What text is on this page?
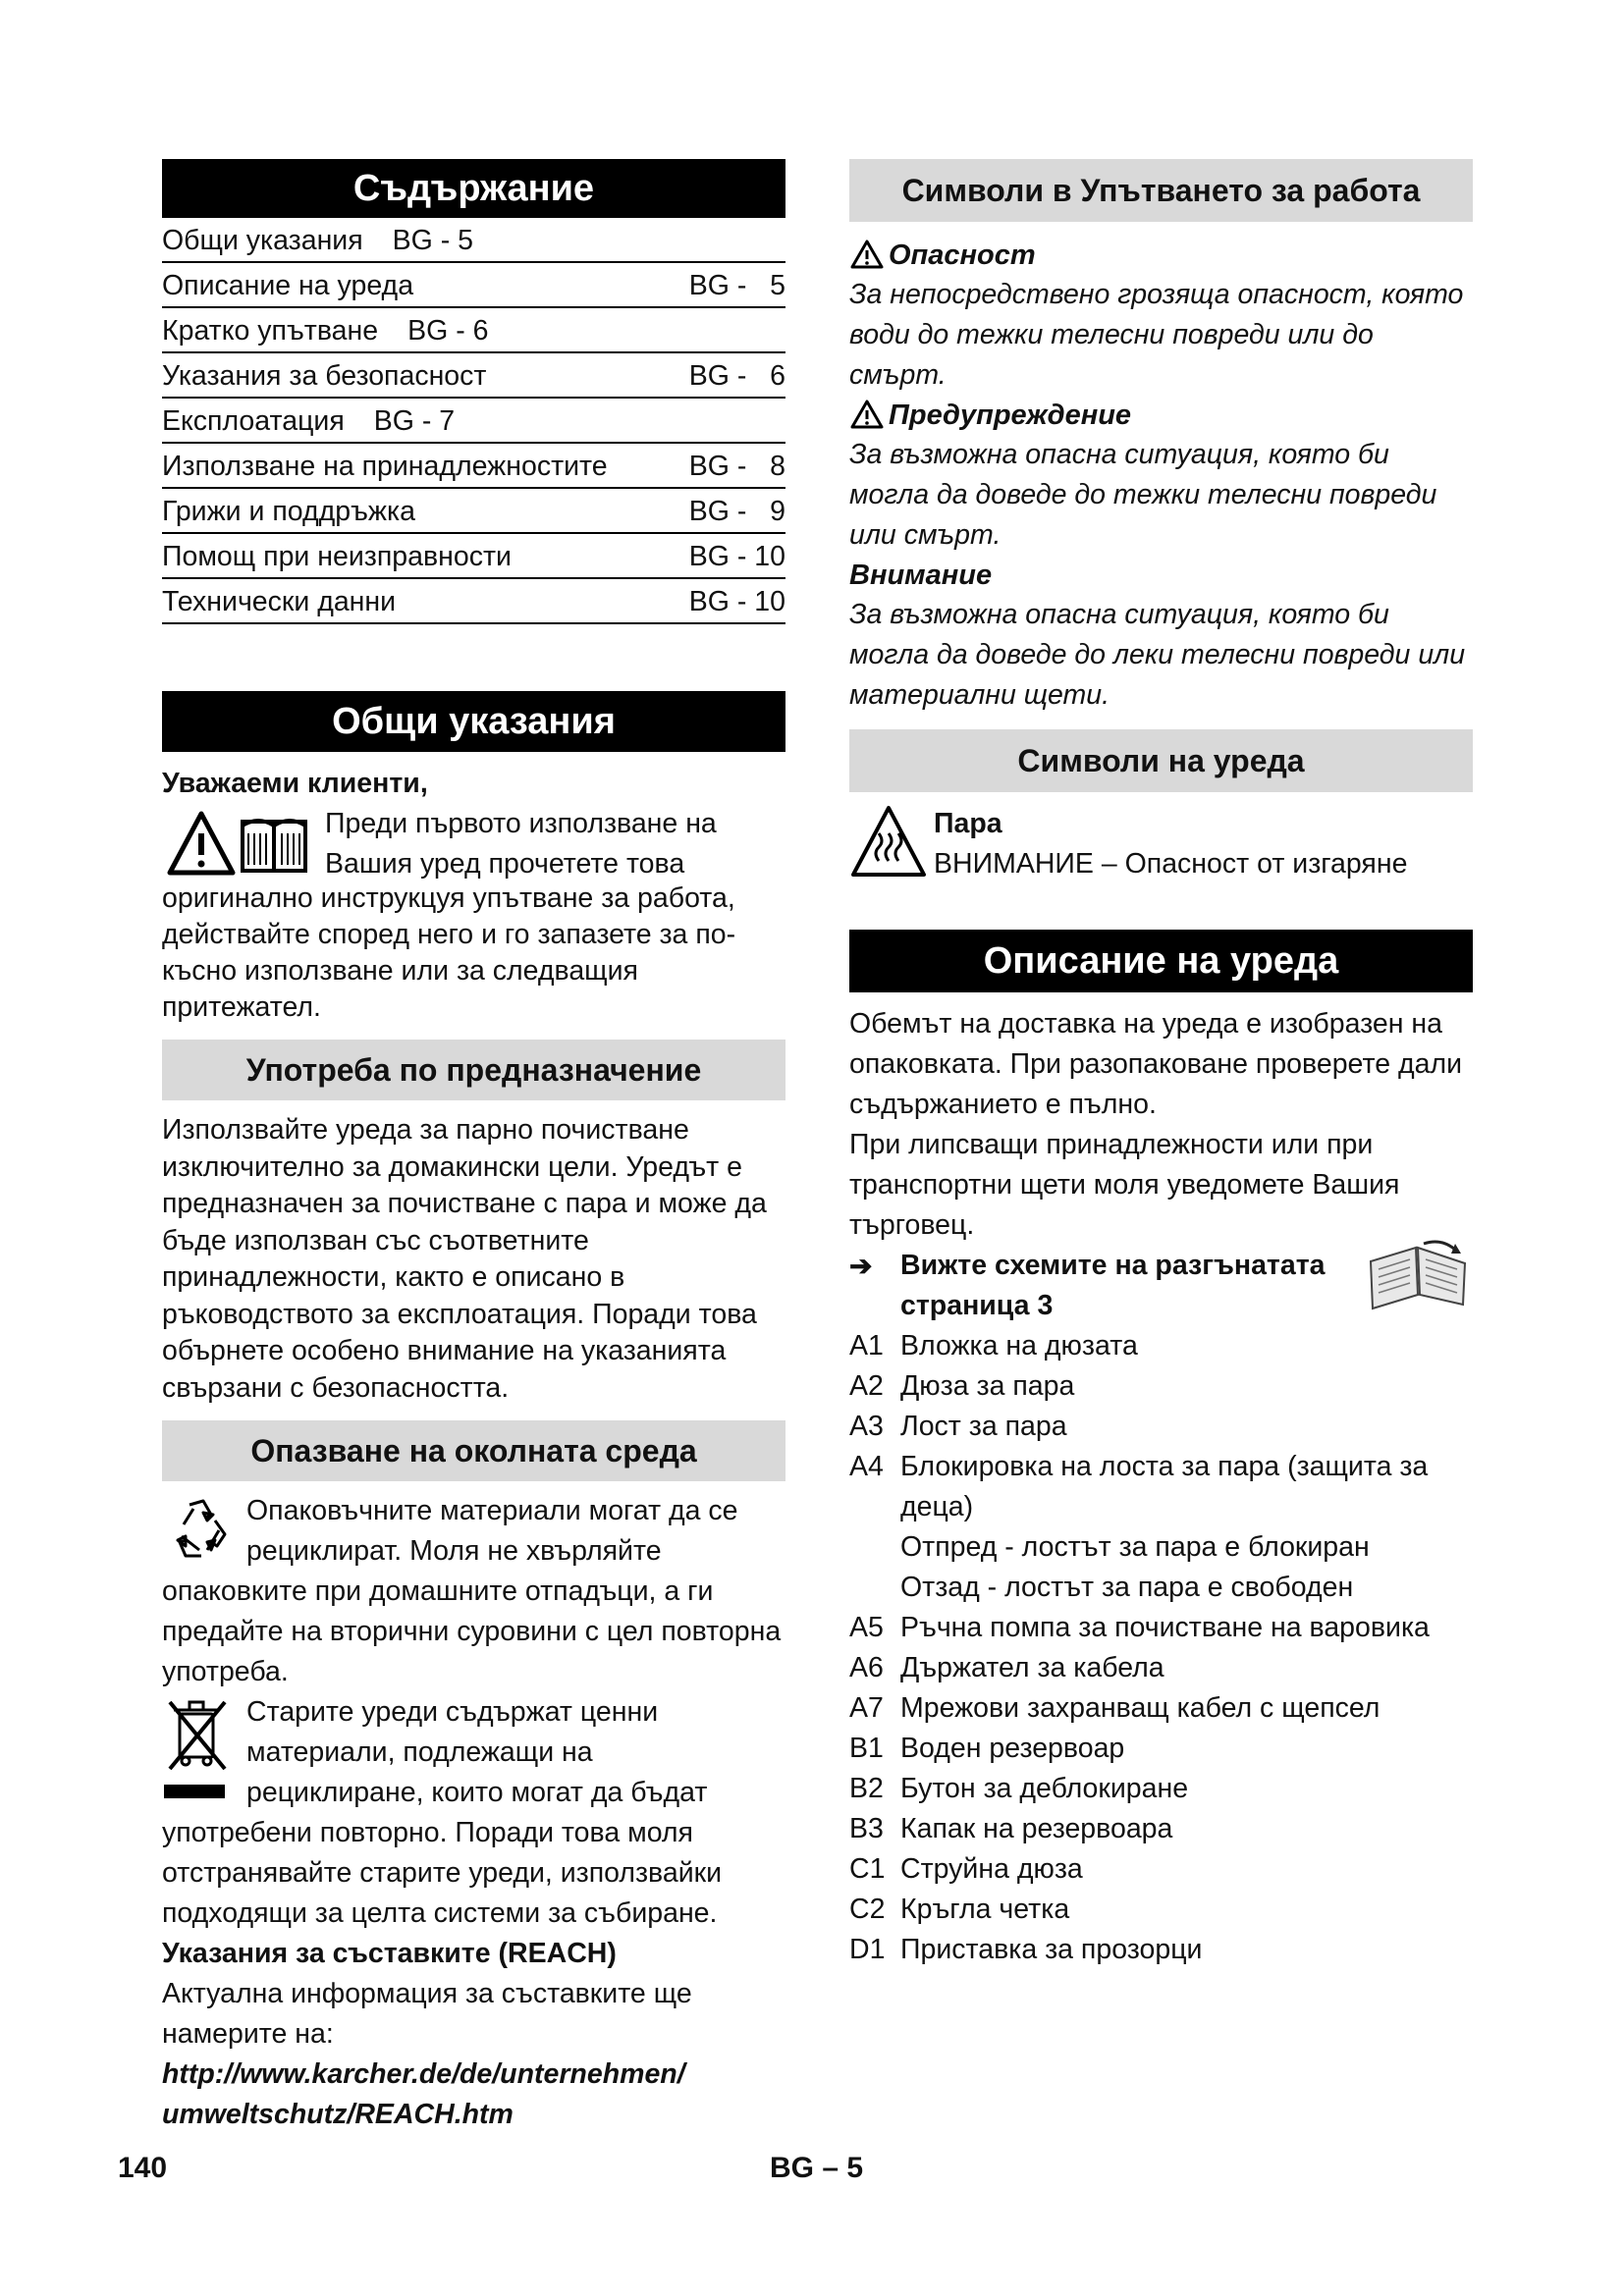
Съдържание
Общи указания BG - 5
Описание на уреда	BG -   5
Кратко упътване BG - 6
Указания за безопасност	BG -   6
Експлоатация BG - 7
Използване на принадлежностите	BG -   8
Грижи и поддръжка	BG -   9
Помощ при неизправности	BG - 10
Технически данни	BG - 10
Общи указания

Уважаеми клиенти,

Преди първото използване на

Вашия уред прочетете това

оригинално инструкцуя упътване за работа, действайте според него и го запазете за по-късно използване или за следващия притежател.

Употреба по предназначение

Използвайте уреда за парно почистване изключително за домакински цели. Уредът е предназначен за почистване с пара и може да бъде използван със съответните принадлежности, както е описано в ръководството за експлоатация. Поради това обърнете особено внимание на указанията свързани с безопасността.

Опазване на околната среда

Опаковъчните материали могат да се

рециклират. Моля не хвърляйте

опаковките при домашните отпадъци, а ги предайте на вторични суровини с цел повторна употреба.

Старите уреди съдържат ценни

материали, подлежащи на

рециклиране, които могат да бъдат

употребени повторно. Поради това моля отстранявайте старите уреди, използвайки подходящи за целта системи за събиране.

Указания за съставките (REACH)

Актуална информация за съставките ще намерите на:

http://www.karcher.de/de/unternehmen/

umweltschutz/REACH.htm

Символи в Упътването за работа
Опасност

За непосредствено грозяща опасност, която води до тежки телесни повреди или до смърт.

Предупреждение

За възможна опасна ситуация, която би могла да доведе до тежки телесни повреди или смърт.

Внимание

За възможна опасна ситуация, която би могла да доведе до леки телесни повреди или материални щети.

Символи на уреда

Пара

ВНИМАНИЕ – Опасност от изгаряне

Описание на уреда

Обемът на доставка на уреда е изобразен на опаковката. При разопаковане проверете дали съдържанието е пълно.

При липсващи принадлежности или при транспортни щети моля уведомете Вашия търговец.

➔	Вижте схемите на разгънатата

страница 3

A1 Вложка на дюзата
A2 Дюза за пара
A3 Лост за пара
A4 Блокировка на лоста за пара (защита за деца)
Отпред - лостът за пара е блокиран
Отзад - лостът за пара е свободен
A5 Ръчна помпа за почистване на варовика
A6 Държател за кабела
A7 Мрежови захранващ кабел с щепсел
B1 Воден резервоар
B2 Бутон за деблокиране
B3 Капак на резервоара
C1 Струйна дюза
C2 Кръгла четка
D1 Приставка за прозорци
140	BG – 5
